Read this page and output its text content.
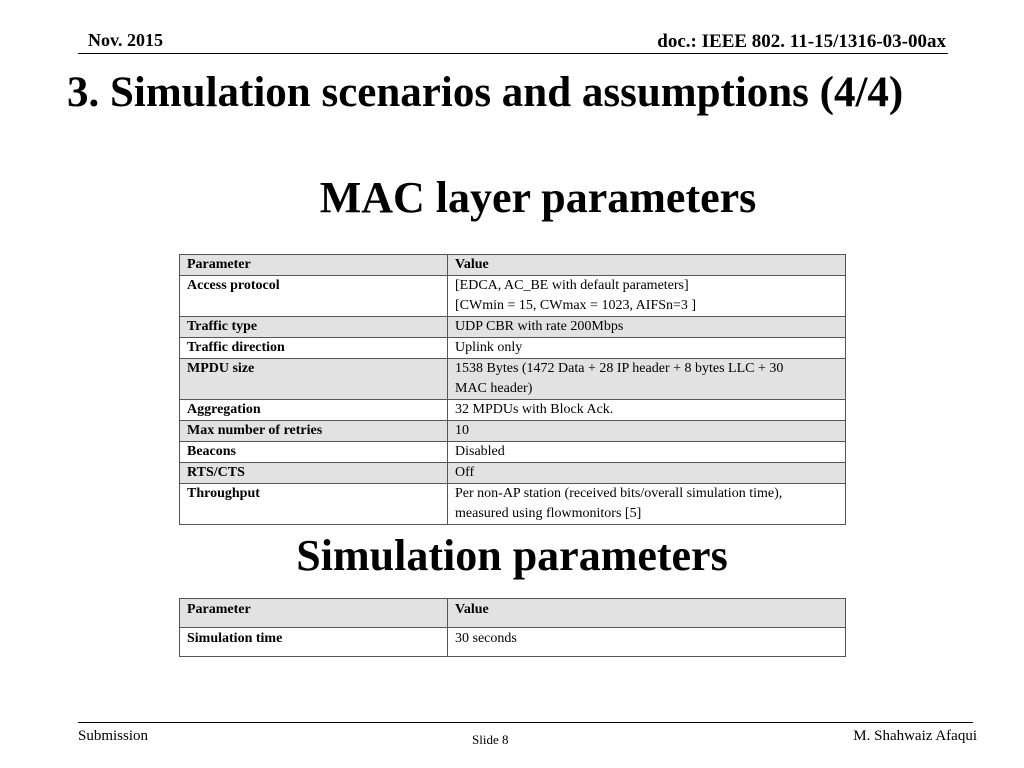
Nov. 2015	doc.: IEEE 802. 11-15/1316-03-00ax
3. Simulation scenarios and assumptions (4/4)
MAC layer parameters
Parameter	Value
Access protocol	[EDCA, AC_BE with default parameters]
[CWmin = 15, CWmax = 1023, AIFSn=3 ]

Traffic type	UDP CBR with rate 200Mbps

Traffic direction	Uplink only

MPDU size	1538 Bytes (1472 Data + 28 IP header + 8 bytes LLC + 30
MAC header)

Aggregation	32 MPDUs with Block Ack.

Max number of retries	10

Beacons	Disabled

RTS/CTS	Off

Throughput	Per non-AP station (received bits/overall simulation time),
measured using flowmonitors [5]
Simulation parameters
Parameter	Value
Simulation time	30 seconds
Submission	Slide 8	M. Shahwaiz Afaqui
